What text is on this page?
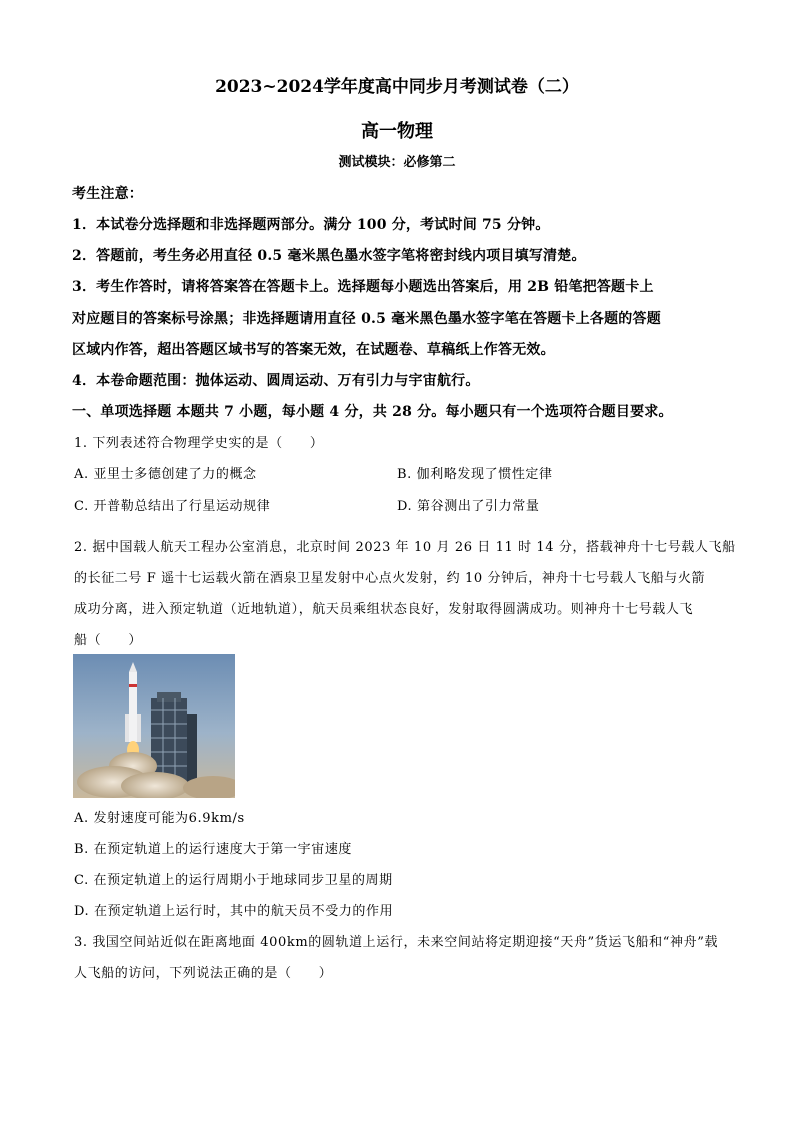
2023~2024学年度高中同步月考测试卷（二）
高一物理
测试模块：必修第二
考生注意：
1．本试卷分选择题和非选择题两部分。满分 100 分，考试时间 75 分钟。
2．答题前，考生务必用直径 0.5 毫米黑色墨水签字笔将密封线内项目填写清楚。
3．考生作答时，请将答案答在答题卡上。选择题每小题选出答案后，用 2B 铅笔把答题卡上
对应题目的答案标号涂黑；非选择题请用直径 0.5 毫米黑色墨水签字笔在答题卡上各题的答题
区域内作答，超出答题区域书写的答案无效，在试题卷、草稿纸上作答无效。
4．本卷命题范围：抛体运动、圆周运动、万有引力与宇宙航行。
一、单项选择题 本题共 7 小题，每小题 4 分，共 28 分。每小题只有一个选项符合题目要求。
1. 下列表述符合物理学史实的是（　　）
A. 亚里士多德创建了力的概念	B. 伽利略发现了惯性定律
C. 开普勒总结出了行星运动规律	D. 第谷测出了引力常量
2. 据中国载人航天工程办公室消息，北京时间 2023 年 10 月 26 日 11 时 14 分，搭载神舟十七号载人飞船
的长征二号 F 遥十七运载火箭在酒泉卫星发射中心点火发射，约 10 分钟后，神舟十七号载人飞船与火箭
成功分离，进入预定轨道（近地轨道），航天员乘组状态良好，发射取得圆满成功。则神舟十七号载人飞
船（　　）
A. 发射速度可能为6.9km/s
B. 在预定轨道上的运行速度大于第一宇宙速度
C. 在预定轨道上的运行周期小于地球同步卫星的周期
D. 在预定轨道上运行时，其中的航天员不受力的作用
3. 我国空间站近似在距离地面 400km的圆轨道上运行，未来空间站将定期迎接“天舟”货运飞船和“神舟”载
人飞船的访问，下列说法正确的是（　　）
